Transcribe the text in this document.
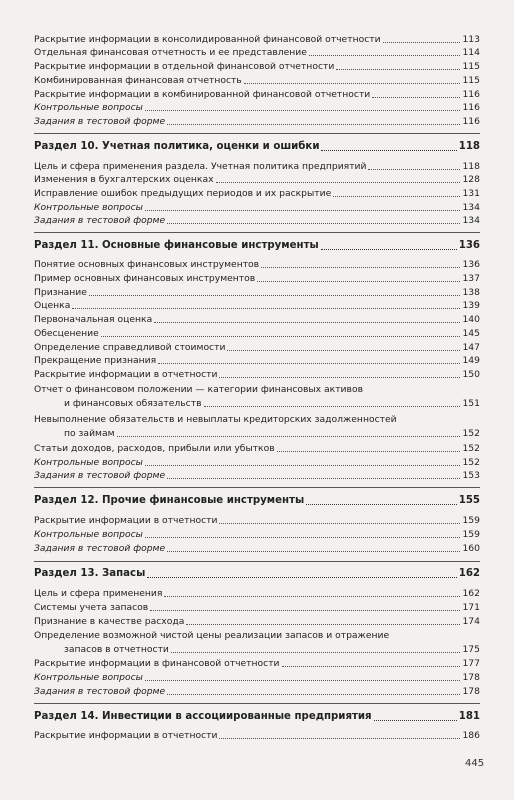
Раскрытие информации в консолидированной финансовой отчетности	113
Отдельная финансовая отчетность и ее представление	114
Раскрытие информации в отдельной финансовой отчетности	115
Комбинированная финансовая отчетность	115
Раскрытие информации в комбинированной финансовой отчетности	116
Контрольные вопросы	116
Задания в тестовой форме	116
Раздел 10. Учетная политика, оценки и ошибки	118
Цель и сфера применения раздела. Учетная политика предприятий	118
Изменения в бухгалтерских оценках	128
Исправление ошибок предыдущих периодов и их раскрытие	131
Контрольные вопросы	134
Задания в тестовой форме	134
Раздел 11. Основные финансовые инструменты	136
Понятие основных финансовых инструментов	136
Пример основных финансовых инструментов	137
Признание	138
Оценка	139
Первоначальная оценка	140
Обесценение	145
Определение справедливой стоимости	147
Прекращение признания	149
Раскрытие информации в отчетности	150
Отчет о финансовом положении — категории финансовых активов
и финансовых обязательств	151
Невыполнение обязательств и невыплаты кредиторских задолженностей
по займам	152
Статьи доходов, расходов, прибыли или убытков	152
Контрольные вопросы	152
Задания в тестовой форме	153
Раздел 12. Прочие финансовые инструменты	155
Раскрытие информации в отчетности	159
Контрольные вопросы	159
Задания в тестовой форме	160
Раздел 13. Запасы	162
Цель и сфера применения	162
Системы учета запасов	171
Признание в качестве расхода	174
Определение возможной чистой цены реализации запасов и отражение
запасов в отчетности	175
Раскрытие информации в финансовой отчетности	177
Контрольные вопросы	178
Задания в тестовой форме	178
Раздел 14. Инвестиции в ассоциированные предприятия	181
Раскрытие информации в отчетности	186
445
